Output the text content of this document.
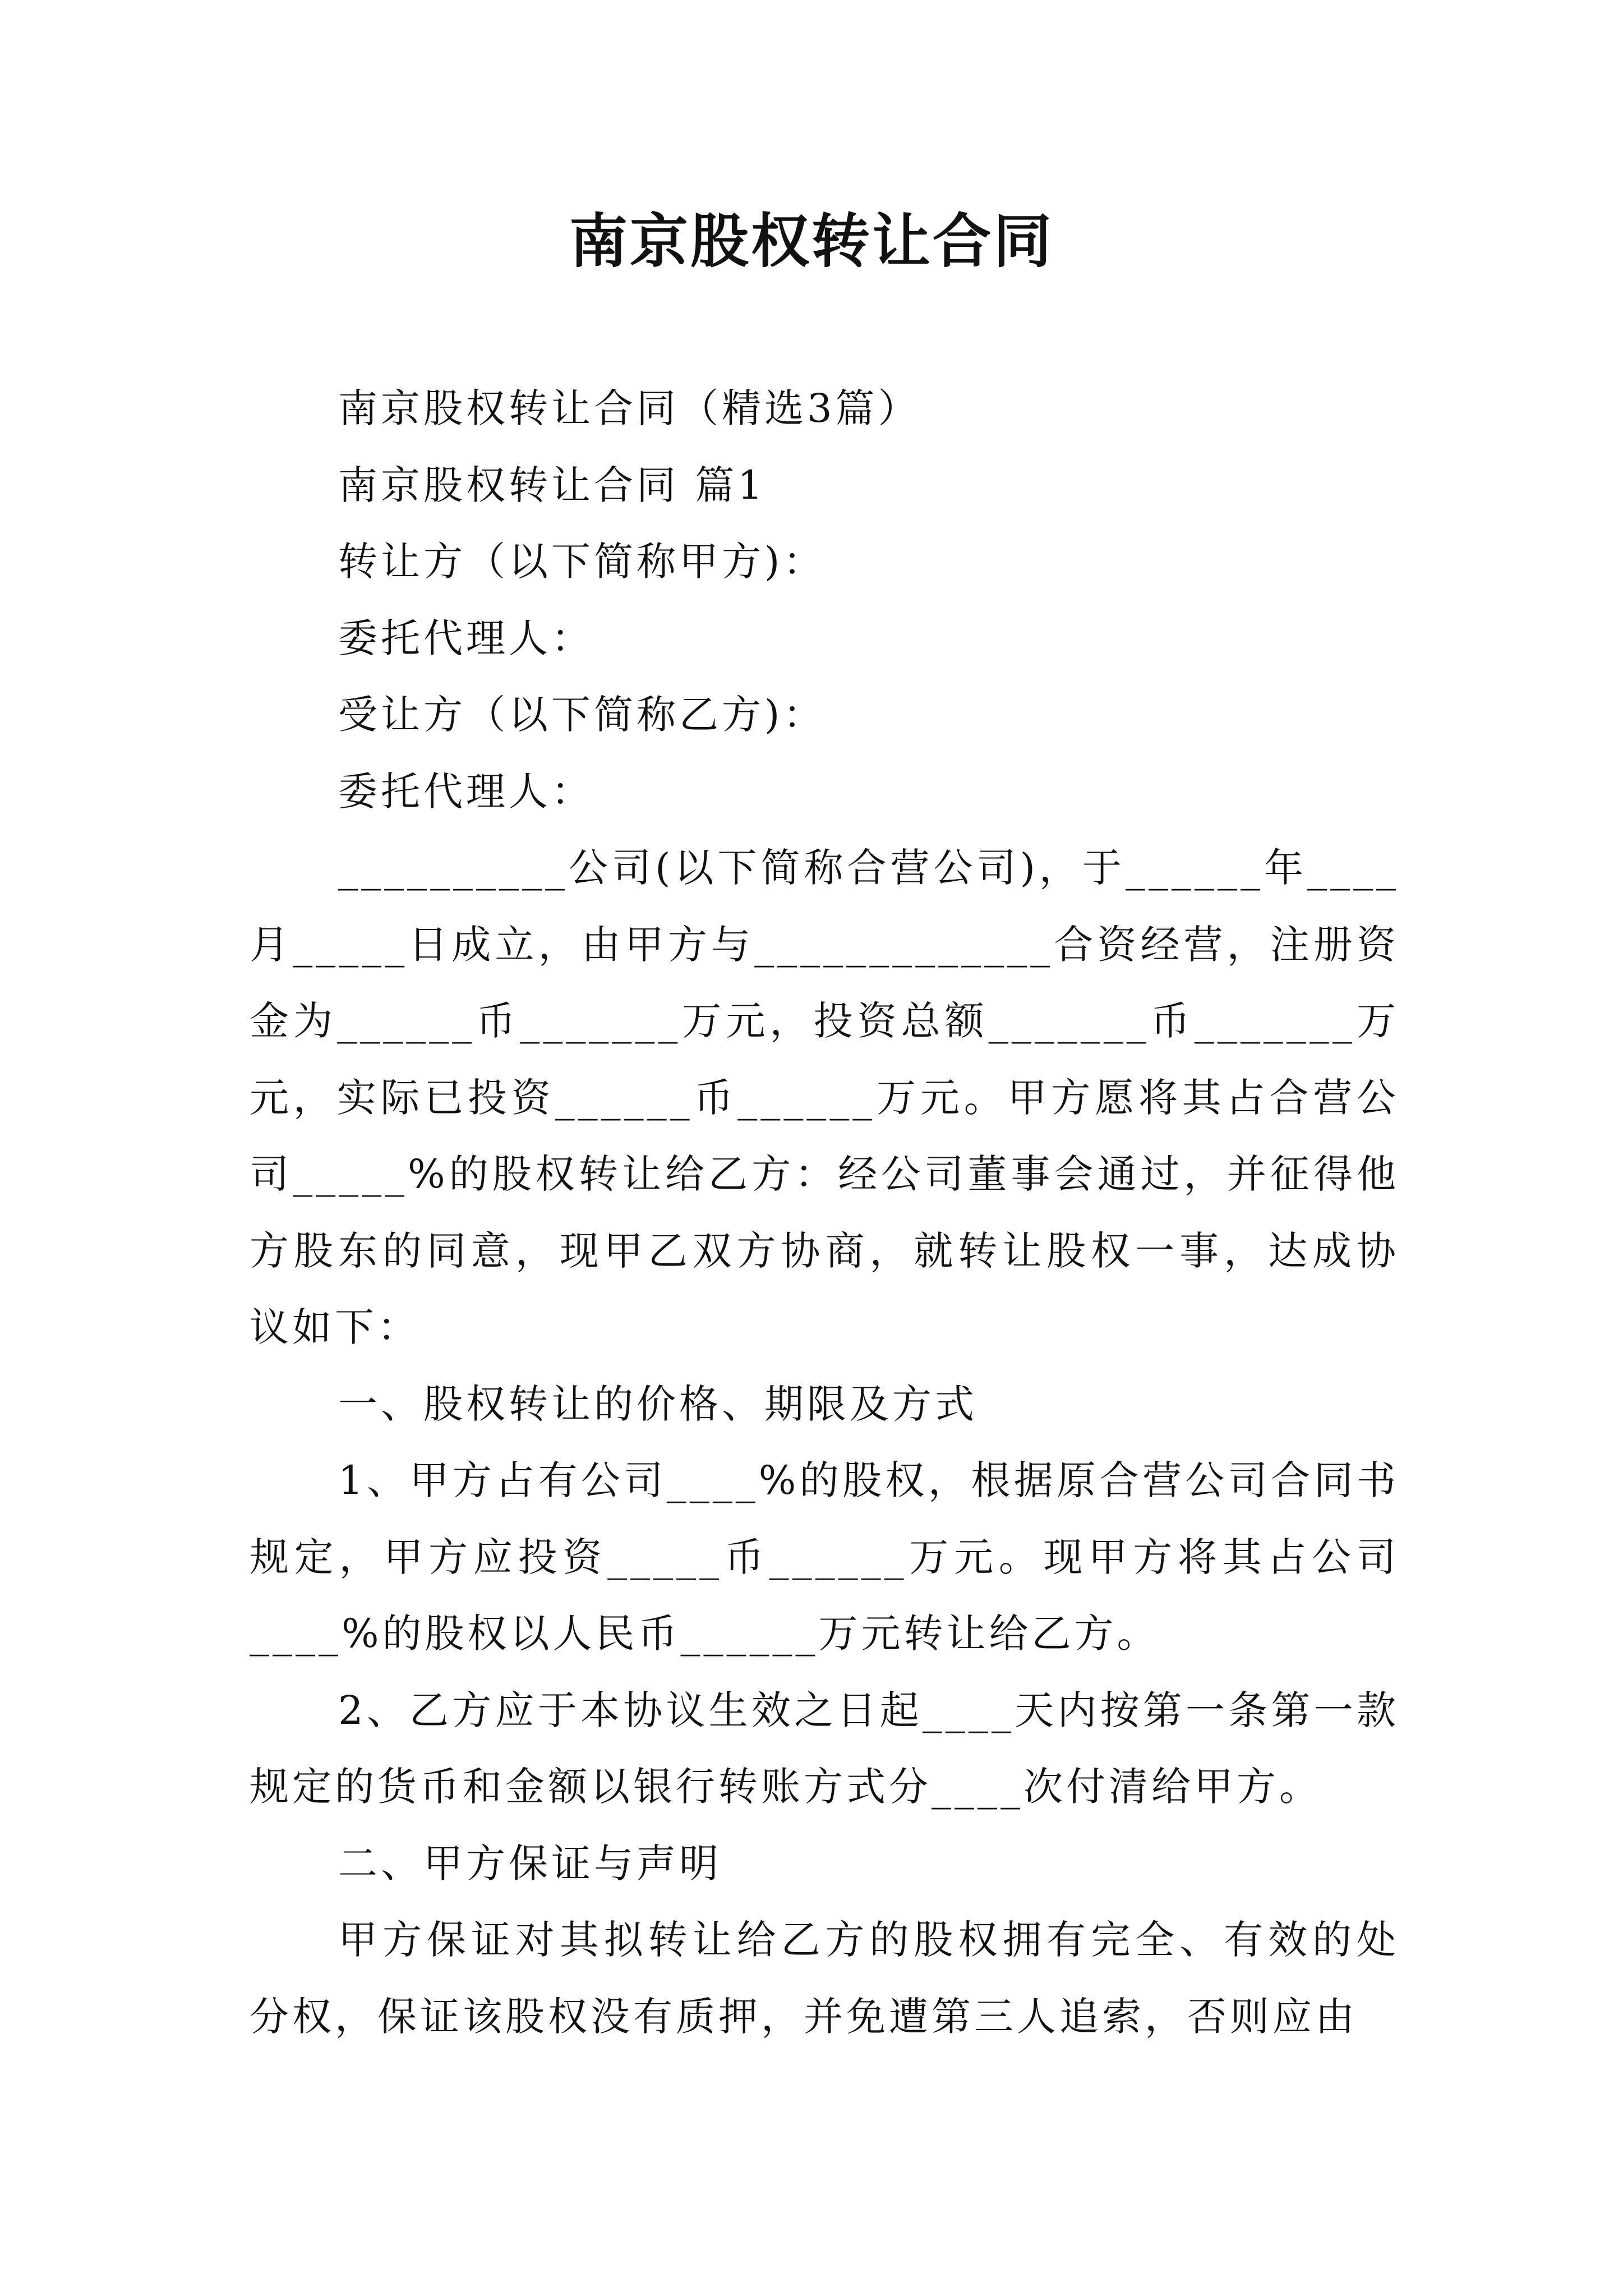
南京股权转让合同

南京股权转让合同（精选3篇）

南京股权转让合同 篇1

转让方（以下简称甲方)：

委托代理人：

受让方（以下简称乙方)：

委托代理人：

__________公司(以下简称合营公司)，于______年____月_____日成立，由甲方与_____________合资经营，注册资金为______币_______万元，投资总额_______币_______万元，实际已投资______币______万元。甲方愿将其占合营公司_____%的股权转让给乙方：经公司董事会通过，并征得他方股东的同意，现甲乙双方协商，就转让股权一事，达成协议如下：

一、股权转让的价格、期限及方式

1、甲方占有公司____%的股权，根据原合营公司合同书规定，甲方应投资_____币______万元。现甲方将其占公司____%的股权以人民币______万元转让给乙方。

2、乙方应于本协议生效之日起____天内按第一条第一款规定的货币和金额以银行转账方式分____次付清给甲方。

二、甲方保证与声明

甲方保证对其拟转让给乙方的股权拥有完全、有效的处分权，保证该股权没有质押，并免遭第三人追索，否则应由
